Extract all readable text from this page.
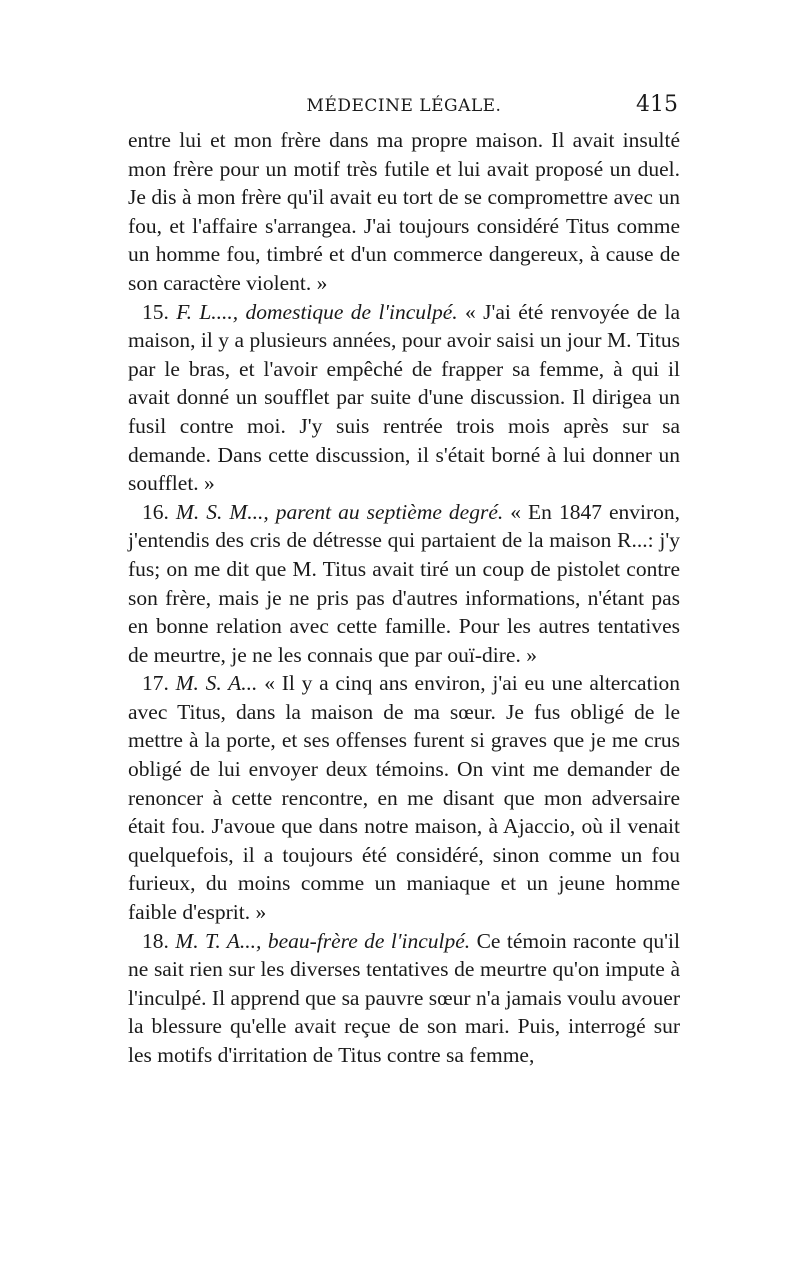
MÉDECINE LÉGALE.	415

entre lui et mon frère dans ma propre maison. Il avait insulté mon frère pour un motif très futile et lui avait proposé un duel. Je dis à mon frère qu'il avait eu tort de se compromettre avec un fou, et l'affaire s'arrangea. J'ai toujours considéré Titus comme un homme fou, timbré et d'un commerce dangereux, à cause de son caractère violent. »

15. F. L...., domestique de l'inculpé. « J'ai été renvoyée de la maison, il y a plusieurs années, pour avoir saisi un jour M. Titus par le bras, et l'avoir empêché de frapper sa femme, à qui il avait donné un soufflet par suite d'une discussion. Il dirigea un fusil contre moi. J'y suis rentrée trois mois après sur sa demande. Dans cette discussion, il s'était borné à lui donner un soufflet. »

16. M. S. M..., parent au septième degré. « En 1847 environ, j'entendis des cris de détresse qui partaient de la maison R...: j'y fus; on me dit que M. Titus avait tiré un coup de pistolet contre son frère, mais je ne pris pas d'autres informations, n'étant pas en bonne relation avec cette famille. Pour les autres tentatives de meurtre, je ne les connais que par ouï-dire. »

17. M. S. A... « Il y a cinq ans environ, j'ai eu une altercation avec Titus, dans la maison de ma sœur. Je fus obligé de le mettre à la porte, et ses offenses furent si graves que je me crus obligé de lui envoyer deux témoins. On vint me demander de renoncer à cette rencontre, en me disant que mon adversaire était fou. J'avoue que dans notre maison, à Ajaccio, où il venait quelquefois, il a toujours été considéré, sinon comme un fou furieux, du moins comme un maniaque et un jeune homme faible d'esprit. »

18. M. T. A..., beau-frère de l'inculpé. Ce témoin raconte qu'il ne sait rien sur les diverses tentatives de meurtre qu'on impute à l'inculpé. Il apprend que sa pauvre sœur n'a jamais voulu avouer la blessure qu'elle avait reçue de son mari. Puis, interrogé sur les motifs d'irritation de Titus contre sa femme,
